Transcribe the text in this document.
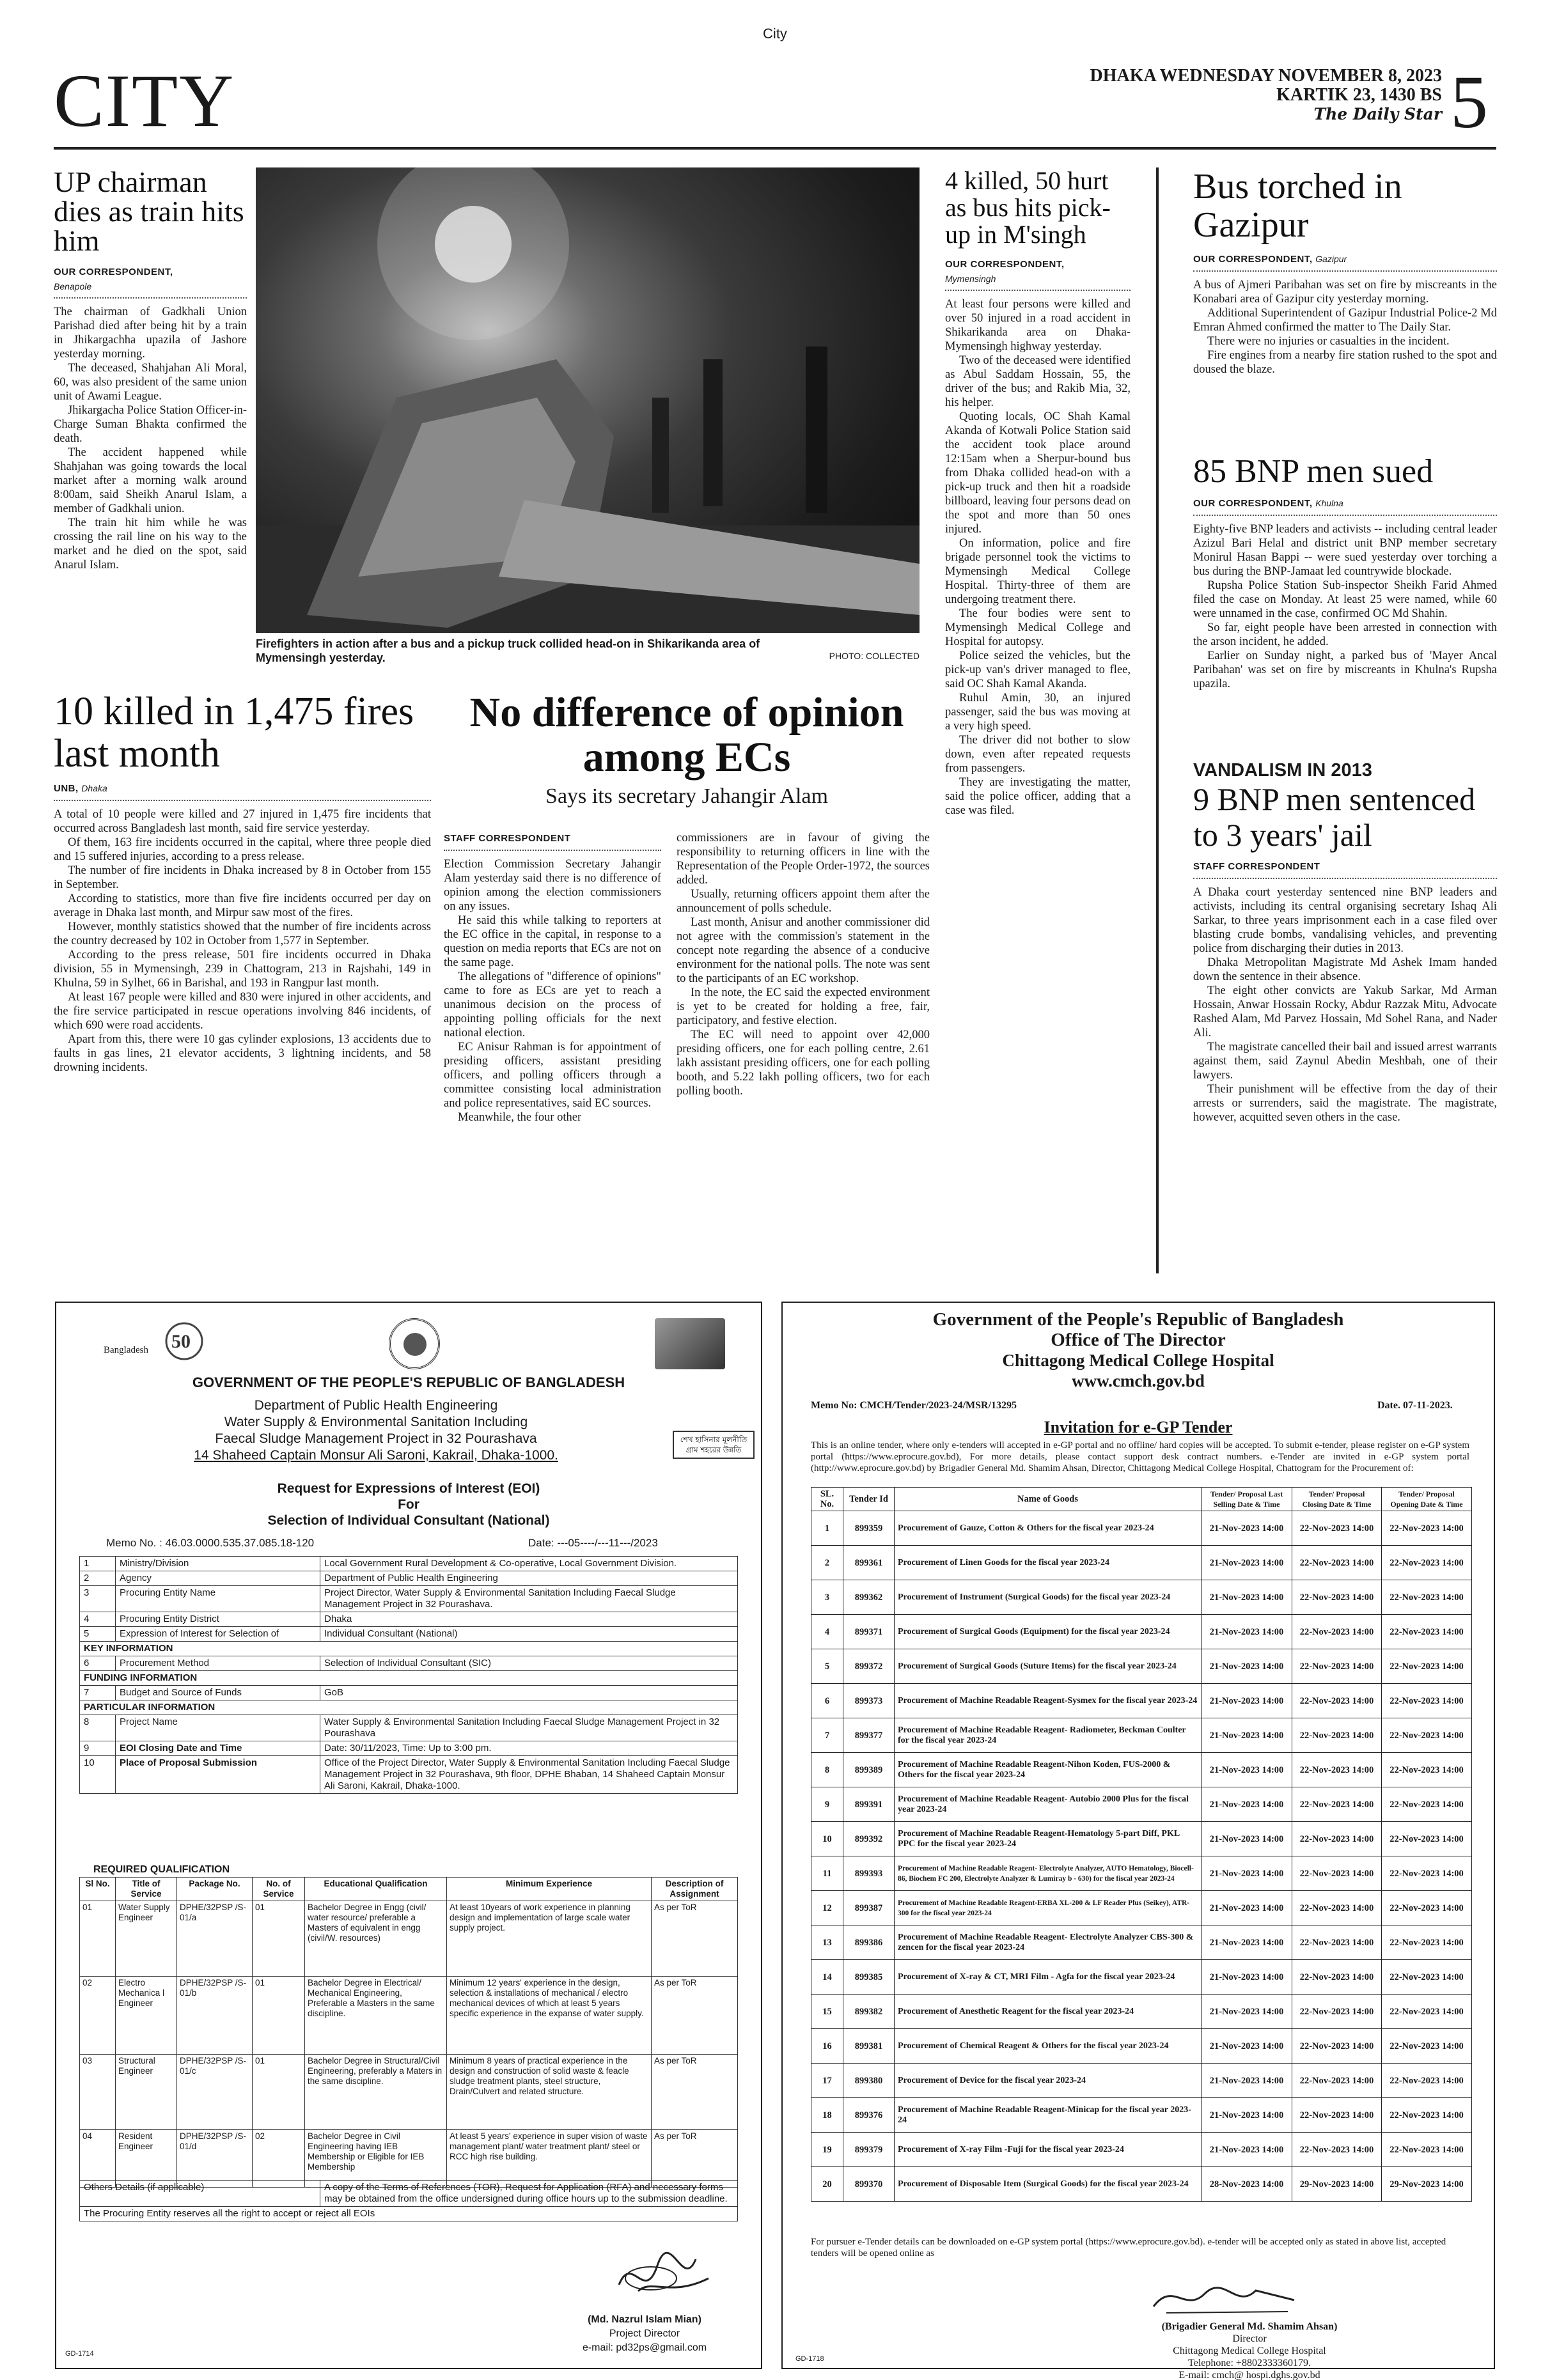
City
CITY	DHAKA WEDNESDAY NOVEMBER 8, 2023
KARTIK 23, 1430 BS
The Daily Star 5
UP chairman dies as train hits him
OUR CORRESPONDENT,
Benapole

The chairman of Gadkhali Union Parishad died after being hit by a train in Jhikargachha upazila of Jashore yesterday morning.

The deceased, Shahjahan Ali Moral, 60, was also president of the same union unit of Awami League.

Jhikargacha Police Station Officer-in-Charge Suman Bhakta confirmed the death.

The accident happened while Shahjahan was going towards the local market after a morning walk around 8:00am, said Sheikh Anarul Islam, a member of Gadkhali union.

The train hit him while he was crossing the rail line on his way to the market and he died on the spot, said Anarul Islam.

Firefighters in action after a bus and a pickup truck collided head-on in Shikarikanda area of Mymensingh yesterday.	PHOTO: COLLECTED
4 killed, 50 hurt as bus hits pick-up in M'singh
OUR CORRESPONDENT,
Mymensingh

At least four persons were killed and over 50 injured in a road accident in Shikarikanda area on Dhaka-Mymensingh highway yesterday.

Two of the deceased were identified as Abul Saddam Hossain, 55, the driver of the bus; and Rakib Mia, 32, his helper.

Quoting locals, OC Shah Kamal Akanda of Kotwali Police Station said the accident took place around 12:15am when a Sherpur-bound bus from Dhaka collided head-on with a pick-up truck and then hit a roadside billboard, leaving four persons dead on the spot and more than 50 ones injured.

On information, police and fire brigade personnel took the victims to Mymensingh Medical College Hospital. Thirty-three of them are undergoing treatment there.

The four bodies were sent to Mymensingh Medical College and Hospital for autopsy.

Police seized the vehicles, but the pick-up van's driver managed to flee, said OC Shah Kamal Akanda.

Ruhul Amin, 30, an injured passenger, said the bus was moving at a very high speed.

The driver did not bother to slow down, even after repeated requests from passengers.

They are investigating the matter, said the police officer, adding that a case was filed.

Bus torched in Gazipur
OUR CORRESPONDENT, Gazipur

A bus of Ajmeri Paribahan was set on fire by miscreants in the Konabari area of Gazipur city yesterday morning.

Additional Superintendent of Gazipur Industrial Police-2 Md Emran Ahmed confirmed the matter to The Daily Star.

There were no injuries or casualties in the incident.

Fire engines from a nearby fire station rushed to the spot and doused the blaze.

85 BNP men sued
OUR CORRESPONDENT, Khulna

Eighty-five BNP leaders and activists -- including central leader Azizul Bari Helal and district unit BNP member secretary Monirul Hasan Bappi -- were sued yesterday over torching a bus during the BNP-Jamaat led countrywide blockade.

Rupsha Police Station Sub-inspector Sheikh Farid Ahmed filed the case on Monday. At least 25 were named, while 60 were unnamed in the case, confirmed OC Md Shahin.

So far, eight people have been arrested in connection with the arson incident, he added.

Earlier on Sunday night, a parked bus of 'Mayer Ancal Paribahan' was set on fire by miscreants in Khulna's Rupsha upazila.

VANDALISM IN 2013
9 BNP men sentenced to 3 years' jail
STAFF CORRESPONDENT

A Dhaka court yesterday sentenced nine BNP leaders and activists, including its central organising secretary Ishaq Ali Sarkar, to three years imprisonment each in a case filed over blasting crude bombs, vandalising vehicles, and preventing police from discharging their duties in 2013.

Dhaka Metropolitan Magistrate Md Ashek Imam handed down the sentence in their absence.

The eight other convicts are Yakub Sarkar, Md Arman Hossain, Anwar Hossain Rocky, Abdur Razzak Mitu, Advocate Rashed Alam, Md Parvez Hossain, Md Sohel Rana, and Nader Ali.

The magistrate cancelled their bail and issued arrest warrants against them, said Zaynul Abedin Meshbah, one of their lawyers.

Their punishment will be effective from the day of their arrests or surrenders, said the magistrate. The magistrate, however, acquitted seven others in the case.

10 killed in 1,475 fires last month
UNB, Dhaka

A total of 10 people were killed and 27 injured in 1,475 fire incidents that occurred across Bangladesh last month, said fire service yesterday.

Of them, 163 fire incidents occurred in the capital, where three people died and 15 suffered injuries, according to a press release.

The number of fire incidents in Dhaka increased by 8 in October from 155 in September.

According to statistics, more than five fire incidents occurred per day on average in Dhaka last month, and Mirpur saw most of the fires.

However, monthly statistics showed that the number of fire incidents across the country decreased by 102 in October from 1,577 in September.

According to the press release, 501 fire incidents occurred in Dhaka division, 55 in Mymensingh, 239 in Chattogram, 213 in Rajshahi, 149 in Khulna, 59 in Sylhet, 66 in Barishal, and 193 in Rangpur last month.

At least 167 people were killed and 830 were injured in other accidents, and the fire service participated in rescue operations involving 846 incidents, of which 690 were road accidents.

Apart from this, there were 10 gas cylinder explosions, 13 accidents due to faults in gas lines, 21 elevator accidents, 3 lightning incidents, and 58 drowning incidents.

No difference of opinion among ECs
Says its secretary Jahangir Alam
STAFF CORRESPONDENT

Election Commission Secretary Jahangir Alam yesterday said there is no difference of opinion among the election commissioners on any issues.

He said this while talking to reporters at the EC office in the capital, in response to a question on media reports that ECs are not on the same page.

The allegations of "difference of opinions" came to fore as ECs are yet to reach a unanimous decision on the process of appointing polling officials for the next national election.

EC Anisur Rahman is for appointment of presiding officers, assistant presiding officers, and polling officers through a committee consisting local administration and police representatives, said EC sources.

Meanwhile, the four other

commissioners are in favour of giving the responsibility to returning officers in line with the Representation of the People Order-1972, the sources added.

Usually, returning officers appoint them after the announcement of polls schedule.

Last month, Anisur and another commissioner did not agree with the commission's statement in the concept note regarding the absence of a conducive environment for the national polls. The note was sent to the participants of an EC workshop.

In the note, the EC said the expected environment is yet to be created for holding a free, fair, participatory, and festive election.

The EC will need to appoint over 42,000 presiding officers, one for each polling centre, 2.61 lakh assistant presiding officers, one for each polling booth, and 5.22 lakh polling officers, two for each polling booth.

50
Bangladesh
GOVERNMENT OF THE PEOPLE'S REPUBLIC OF BANGLADESH
Department of Public Health Engineering
Water Supply & Environmental Sanitation Including
Faecal Sludge Management Project in 32 Pourashava
14 Shaheed Captain Monsur Ali Saroni, Kakrail, Dhaka-1000.
শেখ হাসিনার মূলনীতি গ্রাম শহরের উন্নতি
Request for Expressions of Interest (EOI)
For
Selection of Individual Consultant (National)
Memo No. : 46.03.0000.535.37.085.18-120	Date: ---05----/---11---/2023
1	Ministry/Division	Local Government Rural Development & Co-operative, Local Government Division.
2	Agency	Department of Public Health Engineering
3	Procuring Entity Name	Project Director, Water Supply & Environmental Sanitation Including Faecal Sludge Management Project in 32 Pourashava.
4	Procuring Entity District	Dhaka
5	Expression of Interest for Selection of	Individual Consultant (National)
KEY INFORMATION		
6	Procurement Method	Selection of Individual Consultant (SIC)
FUNDING INFORMATION		
7	Budget and Source of Funds	GoB
PARTICULAR INFORMATION		
8	Project Name	Water Supply & Environmental Sanitation Including Faecal Sludge Management Project in 32 Pourashava
9	EOI Closing Date and Time	Date: 30/11/2023, Time: Up to 3:00 pm.
10	Place of Proposal Submission	Office of the Project Director, Water Supply & Environmental Sanitation Including Faecal Sludge Management Project in 32 Pourashava, 9th floor, DPHE Bhaban, 14 Shaheed Captain Monsur Ali Saroni, Kakrail, Dhaka-1000.
REQUIRED QUALIFICATION
Sl No.	Title of Service	Package No.	No. of Service	Educational Qualification	Minimum Experience	Description of Assignment
01	Water Supply Engineer	DPHE/32PSP /S-01/a	01	Bachelor Degree in Engg (civil/ water resource/ preferable a Masters of equivalent in engg (civil/W. resources)	At least 10years of work experience in planning design and implementation of large scale water supply project.	As per ToR
02	Electro Mechanica l Engineer	DPHE/32PSP /S-01/b	01	Bachelor Degree in Electrical/ Mechanical Engineering, Preferable a Masters in the same discipline.	Minimum 12 years' experience in the design, selection & installations of mechanical / electro mechanical devices of which at least 5 years specific experience in the expanse of water supply.	As per ToR
03	Structural Engineer	DPHE/32PSP /S-01/c	01	Bachelor Degree in Structural/Civil Engineering, preferably a Maters in the same discipline.	Minimum 8 years of practical experience in the design and construction of solid waste & feacle sludge treatment plants, steel structure, Drain/Culvert and related structure.	As per ToR
04	Resident Engineer	DPHE/32PSP /S-01/d	02	Bachelor Degree in Civil Engineering having IEB Membership or Eligible for IEB Membership	At least 5 years' experience in super vision of waste management plant/ water treatment plant/ steel or RCC high rise building.	As per ToR
Others Details (if applicable)	A copy of the Terms of References (TOR), Request for Application (RFA) and necessary forms may be obtained from the office undersigned during office hours up to the submission deadline.
The Procuring Entity reserves all the right to accept or reject all EOIs
(Md. Nazrul Islam Mian)
Project Director
e-mail: pd32ps@gmail.com
GD-1714
Government of the People's Republic of Bangladesh
Office of The Director
Chittagong Medical College Hospital
www.cmch.gov.bd
Memo No: CMCH/Tender/2023-24/MSR/13295	Date. 07-11-2023.
Invitation for e-GP Tender
This is an online tender, where only e-tenders will accepted in e-GP portal and no offline/ hard copies will be accepted. To submit e-tender, please register on e-GP system portal (https://www.eprocure.gov.bd), For more details, please contact support desk contract numbers. e-Tender are invited in e-GP system portal (http://www.eprocure.gov.bd) by Brigadier General Md. Shamim Ahsan, Director, Chittagong Medical College Hospital, Chattogram for the Procurement of:
SL. No.	Tender Id	Name of Goods	Tender/ Proposal Last Selling Date & Time	Tender/ Proposal Closing Date & Time	Tender/ Proposal Opening Date & Time
1	899359	Procurement of Gauze, Cotton & Others for the fiscal year 2023-24	21-Nov-2023 14:00	22-Nov-2023 14:00	22-Nov-2023 14:00
2	899361	Procurement of Linen Goods for the fiscal year 2023-24	21-Nov-2023 14:00	22-Nov-2023 14:00	22-Nov-2023 14:00
3	899362	Procurement of Instrument (Surgical Goods) for the fiscal year 2023-24	21-Nov-2023 14:00	22-Nov-2023 14:00	22-Nov-2023 14:00
4	899371	Procurement of Surgical Goods (Equipment) for the fiscal year 2023-24	21-Nov-2023 14:00	22-Nov-2023 14:00	22-Nov-2023 14:00
5	899372	Procurement of Surgical Goods (Suture Items) for the fiscal year 2023-24	21-Nov-2023 14:00	22-Nov-2023 14:00	22-Nov-2023 14:00
6	899373	Procurement of Machine Readable Reagent-Sysmex for the fiscal year 2023-24	21-Nov-2023 14:00	22-Nov-2023 14:00	22-Nov-2023 14:00
7	899377	Procurement of Machine Readable Reagent- Radiometer, Beckman Coulter for the fiscal year 2023-24	21-Nov-2023 14:00	22-Nov-2023 14:00	22-Nov-2023 14:00
8	899389	Procurement of Machine Readable Reagent-Nihon Koden, FUS-2000 & Others for the fiscal year 2023-24	21-Nov-2023 14:00	22-Nov-2023 14:00	22-Nov-2023 14:00
9	899391	Procurement of Machine Readable Reagent- Autobio 2000 Plus for the fiscal year 2023-24	21-Nov-2023 14:00	22-Nov-2023 14:00	22-Nov-2023 14:00
10	899392	Procurement of Machine Readable Reagent-Hematology 5-part Diff, PKL PPC for the fiscal year 2023-24	21-Nov-2023 14:00	22-Nov-2023 14:00	22-Nov-2023 14:00
11	899393	Procurement of Machine Readable Reagent- Electrolyte Analyzer, AUTO Hematology, Biocell-86, Biochem FC 200, Electrolyte Analyzer & Lumiray b - 630) for the fiscal year 2023-24	21-Nov-2023 14:00	22-Nov-2023 14:00	22-Nov-2023 14:00
12	899387	Procurement of Machine Readable Reagent-ERBA XL-200 & LF Reader Plus (Seikey), ATR-300 for the fiscal year 2023-24	21-Nov-2023 14:00	22-Nov-2023 14:00	22-Nov-2023 14:00
13	899386	Procurement of Machine Readable Reagent- Electrolyte Analyzer CBS-300 & zencen for the fiscal year 2023-24	21-Nov-2023 14:00	22-Nov-2023 14:00	22-Nov-2023 14:00
14	899385	Procurement of X-ray & CT, MRI Film - Agfa for the fiscal year 2023-24	21-Nov-2023 14:00	22-Nov-2023 14:00	22-Nov-2023 14:00
15	899382	Procurement of Anesthetic Reagent for the fiscal year 2023-24	21-Nov-2023 14:00	22-Nov-2023 14:00	22-Nov-2023 14:00
16	899381	Procurement of Chemical Reagent & Others for the fiscal year 2023-24	21-Nov-2023 14:00	22-Nov-2023 14:00	22-Nov-2023 14:00
17	899380	Procurement of Device for the fiscal year 2023-24	21-Nov-2023 14:00	22-Nov-2023 14:00	22-Nov-2023 14:00
18	899376	Procurement of Machine Readable Reagent-Minicap for the fiscal year 2023-24	21-Nov-2023 14:00	22-Nov-2023 14:00	22-Nov-2023 14:00
19	899379	Procurement of X-ray Film -Fuji for the fiscal year 2023-24	21-Nov-2023 14:00	22-Nov-2023 14:00	22-Nov-2023 14:00
20	899370	Procurement of Disposable Item (Surgical Goods) for the fiscal year 2023-24	28-Nov-2023 14:00	29-Nov-2023 14:00	29-Nov-2023 14:00
For pursuer e-Tender details can be downloaded on e-GP system portal (https://www.eprocure.gov.bd). e-tender will be accepted only as stated in above list, accepted tenders will be opened online as
(Brigadier General Md. Shamim Ahsan)
Director
Chittagong Medical College Hospital
Telephone: +8802333360179.
E-mail: cmch@ hospi.dghs.gov.bd
GD-1718
